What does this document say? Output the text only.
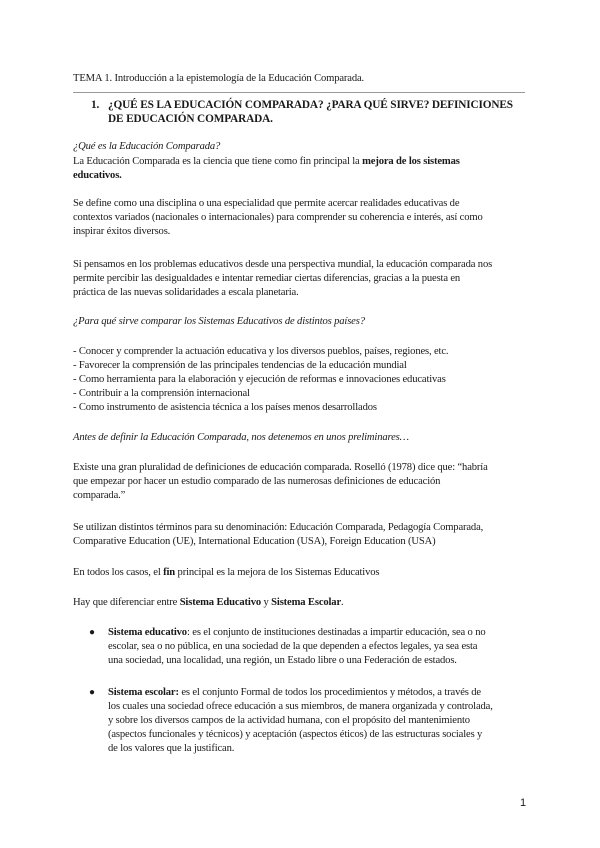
TEMA 1. Introducción a la epistemología de la Educación Comparada.
1. ¿QUÉ ES LA EDUCACIÓN COMPARADA? ¿PARA QUÉ SIRVE? DEFINICIONES
DE EDUCACIÓN COMPARADA.
¿Qué es la Educación Comparada?
La Educación Comparada es la ciencia que tiene como fin principal la mejora de los sistemas
educativos.
Se define como una disciplina o una especialidad que permite acercar realidades educativas de
contextos variados (nacionales o internacionales) para comprender su coherencia e interés, así como
inspirar éxitos diversos.
Si pensamos en los problemas educativos desde una perspectiva mundial, la educación comparada nos
permite percibir las desigualdades e intentar remediar ciertas diferencias, gracias a la puesta en
práctica de las nuevas solidaridades a escala planetaria.
¿Para qué sirve comparar los Sistemas Educativos de distintos países?
- Conocer y comprender la actuación educativa y los diversos pueblos, países, regiones, etc.
- Favorecer la comprensión de las principales tendencias de la educación mundial
- Como herramienta para la elaboración y ejecución de reformas e innovaciones educativas
- Contribuir a la comprensión internacional
- Como instrumento de asistencia técnica a los países menos desarrollados
Antes de definir la Educación Comparada, nos detenemos en unos preliminares…
Existe una gran pluralidad de definiciones de educación comparada. Roselló (1978) dice que: “habría
que empezar por hacer un estudio comparado de las numerosas definiciones de educación
comparada.”
Se utilizan distintos términos para su denominación: Educación Comparada, Pedagogía Comparada,
Comparative Education (UE), International Education (USA), Foreign Education (USA)
En todos los casos, el fin principal es la mejora de los Sistemas Educativos
Hay que diferenciar entre Sistema Educativo y Sistema Escolar.
● Sistema educativo: es el conjunto de instituciones destinadas a impartir educación, sea o no
escolar, sea o no pública, en una sociedad de la que dependen a efectos legales, ya sea esta
una sociedad, una localidad, una región, un Estado libre o una Federación de estados.
● Sistema escolar: es el conjunto Formal de todos los procedimientos y métodos, a través de
los cuales una sociedad ofrece educación a sus miembros, de manera organizada y controlada,
y sobre los diversos campos de la actividad humana, con el propósito del mantenimiento
(aspectos funcionales y técnicos) y aceptación (aspectos éticos) de las estructuras sociales y
de los valores que la justifican.
1
